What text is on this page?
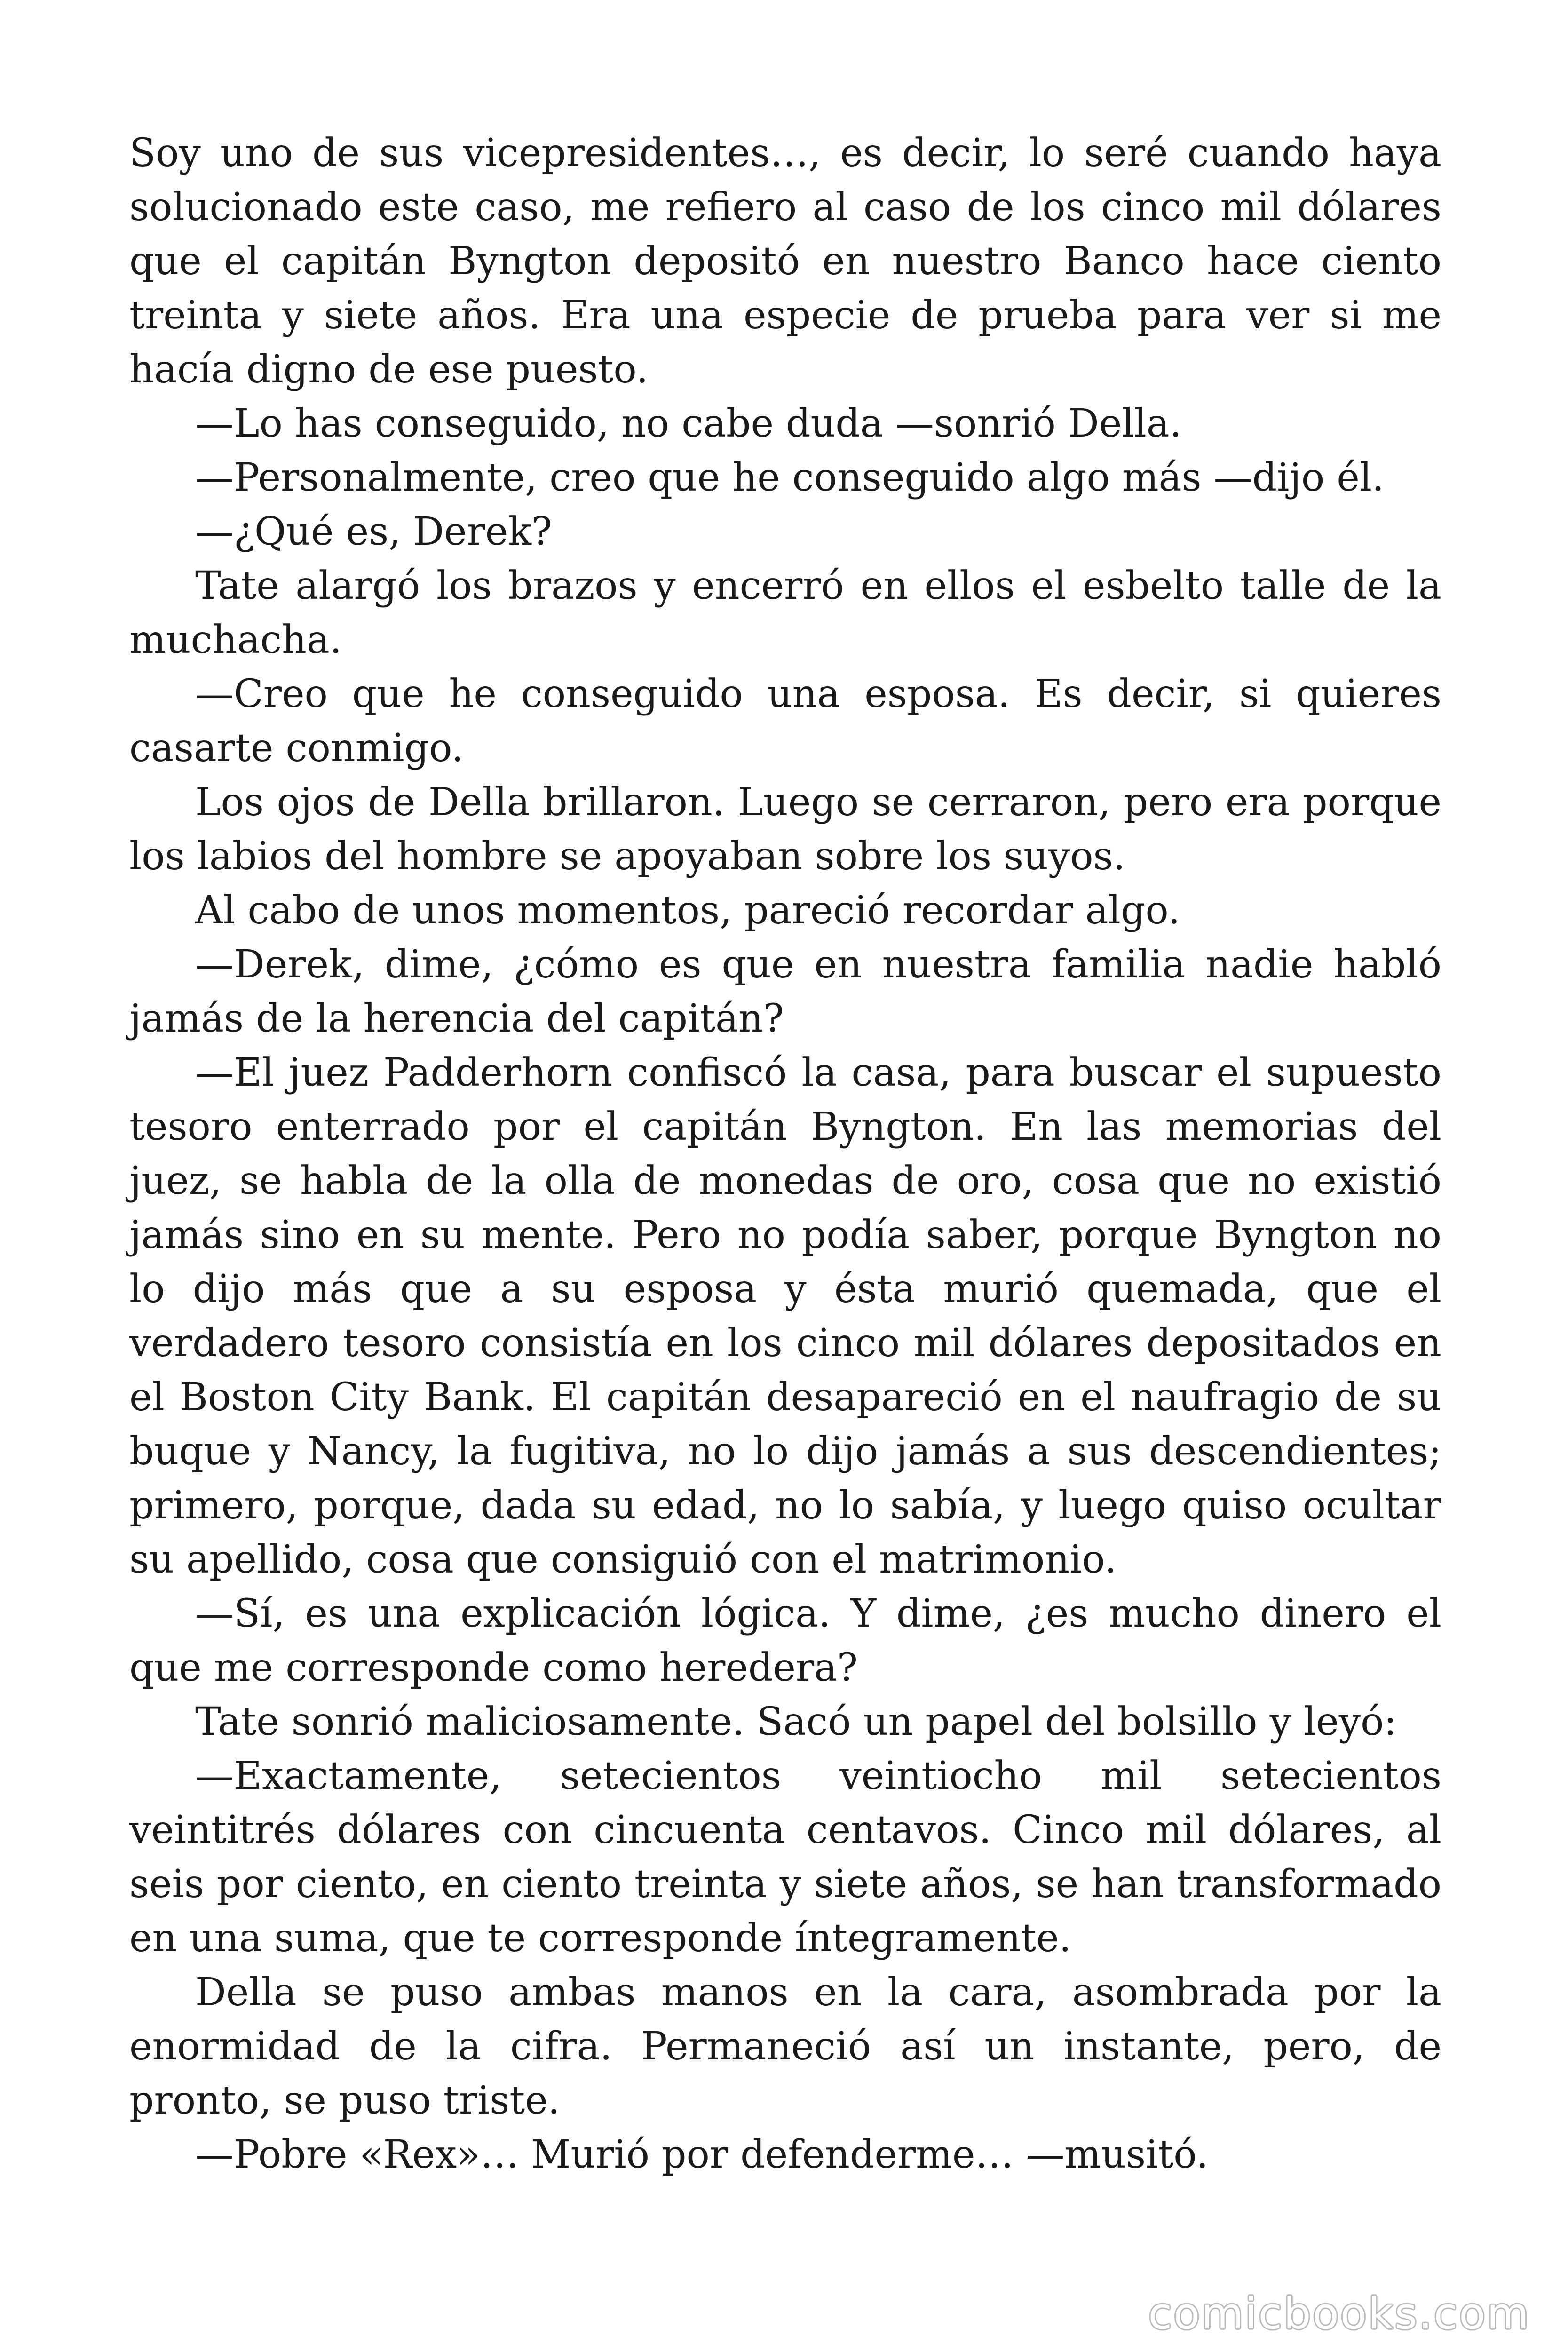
Soy uno de sus vicepresidentes…, es decir, lo seré cuando haya solucionado este caso, me refiero al caso de los cinco mil dólares que el capitán Byngton depositó en nuestro Banco hace ciento treinta y siete años. Era una especie de prueba para ver si me hacía digno de ese puesto.

—Lo has conseguido, no cabe duda —sonrió Della.

—Personalmente, creo que he conseguido algo más —dijo él.

—¿Qué es, Derek?

Tate alargó los brazos y encerró en ellos el esbelto talle de la muchacha.

—Creo que he conseguido una esposa. Es decir, si quieres casarte conmigo.

Los ojos de Della brillaron. Luego se cerraron, pero era porque los labios del hombre se apoyaban sobre los suyos.

Al cabo de unos momentos, pareció recordar algo.

—Derek, dime, ¿cómo es que en nuestra familia nadie habló jamás de la herencia del capitán?

—El juez Padderhorn confiscó la casa, para buscar el supuesto tesoro enterrado por el capitán Byngton. En las memorias del juez, se habla de la olla de monedas de oro, cosa que no existió jamás sino en su mente. Pero no podía saber, porque Byngton no lo dijo más que a su esposa y ésta murió quemada, que el verdadero tesoro consistía en los cinco mil dólares depositados en el Boston City Bank. El capitán desapareció en el naufragio de su buque y Nancy, la fugitiva, no lo dijo jamás a sus descendientes; primero, porque, dada su edad, no lo sabía, y luego quiso ocultar su apellido, cosa que consiguió con el matrimonio.

—Sí, es una explicación lógica. Y dime, ¿es mucho dinero el que me corresponde como heredera?

Tate sonrió maliciosamente. Sacó un papel del bolsillo y leyó:

—Exactamente, setecientos veintiocho mil setecientos veintitrés dólares con cincuenta centavos. Cinco mil dólares, al seis por ciento, en ciento treinta y siete años, se han transformado en una suma, que te corresponde íntegramente.

Della se puso ambas manos en la cara, asombrada por la enormidad de la cifra. Permaneció así un instante, pero, de pronto, se puso triste.

—Pobre «Rex»… Murió por defenderme… —musitó.

comicbooks.com
